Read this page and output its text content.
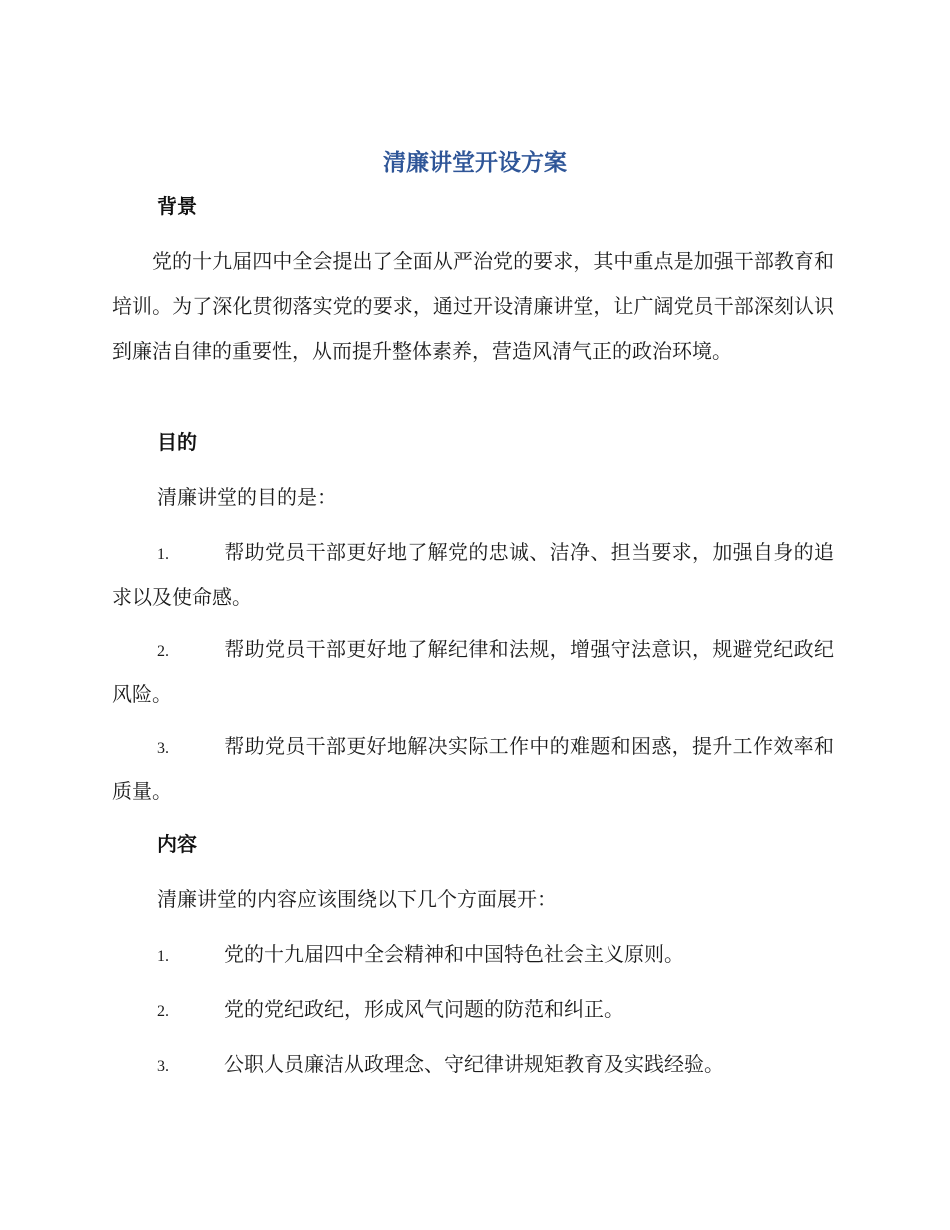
清廉讲堂开设方案
背景

党的十九届四中全会提出了全面从严治党的要求，其中重点是加强干部教育和培训。为了深化贯彻落实党的要求，通过开设清廉讲堂，让广阔党员干部深刻认识到廉洁自律的重要性，从而提升整体素养，营造风清气正的政治环境。

目的

清廉讲堂的目的是：

1.	帮助党员干部更好地了解党的忠诚、洁净、担当要求，加强自身的追求以及使命感。

2.	帮助党员干部更好地了解纪律和法规，增强守法意识，规避党纪政纪风险。

3.	帮助党员干部更好地解决实际工作中的难题和困惑，提升工作效率和质量。

内容

清廉讲堂的内容应该围绕以下几个方面展开：

1.	党的十九届四中全会精神和中国特色社会主义原则。

2.	党的党纪政纪，形成风气问题的防范和纠正。

3.	公职人员廉洁从政理念、守纪律讲规矩教育及实践经验。
